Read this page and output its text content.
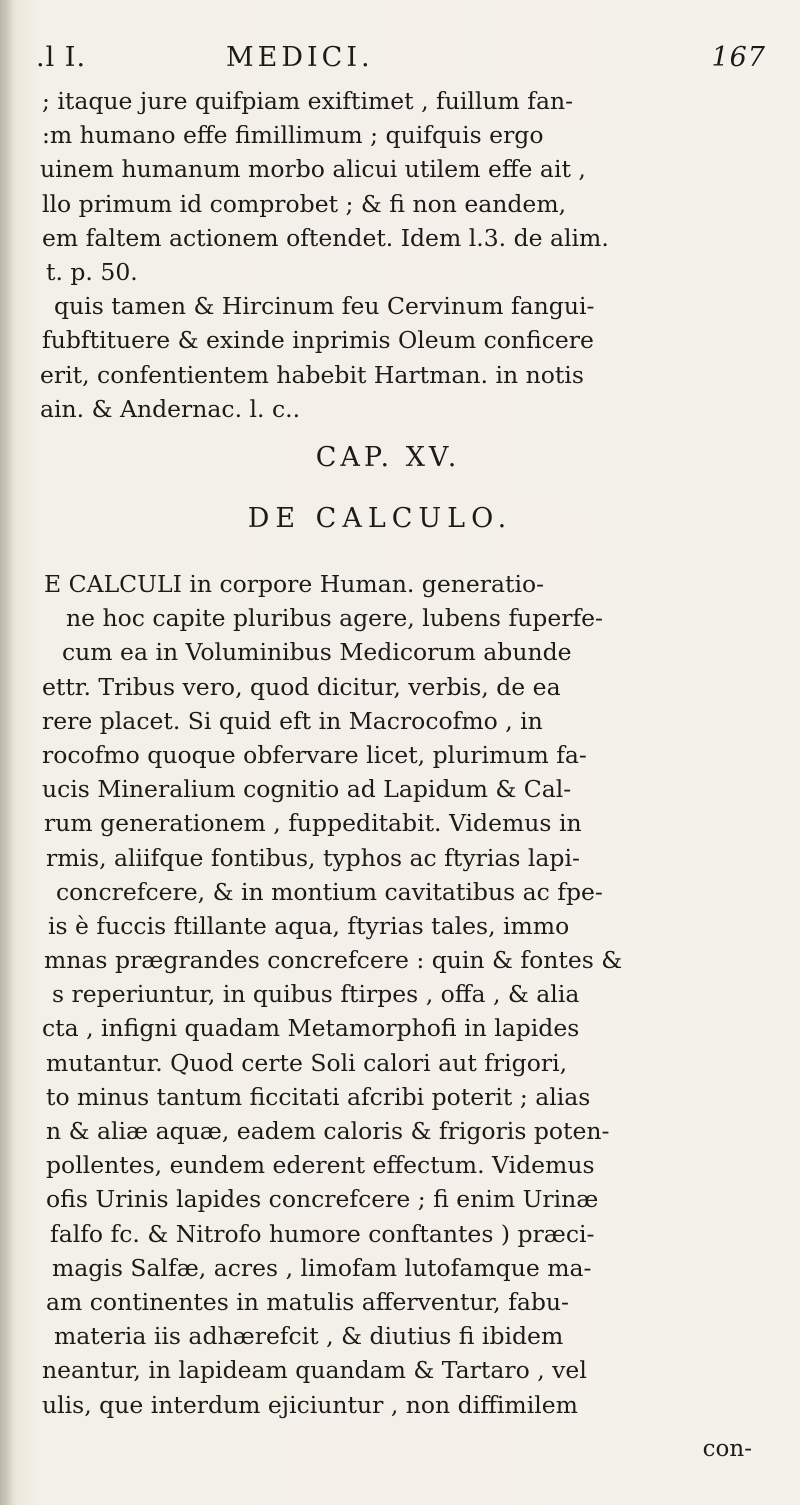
.l I.	MEDICI.	167
; itaque jure quifpiam exiftimet , fuillum fan-
:m humano effe fimillimum ; quifquis ergo
uinem humanum morbo alicui utilem effe ait ,
llo primum id comprobet ; & fi non eandem,
em faltem actionem oftendet. Idem l.3. de alim.
t. p. 50.
quis tamen & Hircinum feu Cervinum fangui-
fubftituere & exinde inprimis Oleum conficere
erit, confentientem habebit Hartman. in notis
ain. & Andernac. l. c..
CAP. XV.
DE CALCULO.
E CALCULI in corpore Human. generatio-
ne hoc capite pluribus agere, lubens fuperfe-
cum ea in Voluminibus Medicorum abunde
ettr. Tribus vero, quod dicitur, verbis, de ea
rere placet. Si quid eft in Macrocofmo , in
rocofmo quoque obfervare licet, plurimum fa-
ucis Mineralium cognitio ad Lapidum & Cal-
rum generationem , fuppeditabit. Videmus in
rmis, aliifque fontibus, typhos ac ftyrias lapi-
concrefcere, & in montium cavitatibus ac fpe-
is è fuccis ftillante aqua, ftyrias tales, immo
mnas prægrandes concrefcere : quin & fontes &
s reperiuntur, in quibus ftirpes , offa , & alia
cta , infigni quadam Metamorphofi in lapides
mutantur. Quod certe Soli calori aut frigori,
to minus tantum ficcitati afcribi poterit ; alias
n & aliæ aquæ, eadem caloris & frigoris poten-
pollentes, eundem ederent effectum. Videmus
ofis Urinis lapides concrefcere ; fi enim Urinæ
falfo fc. & Nitrofo humore conftantes ) præci-
magis Salfæ, acres , limofam lutofamque ma-
am continentes in matulis afferventur, fabu-
materia iis adhærefcit , & diutius fi ibidem
neantur, in lapideam quandam & Tartaro , vel
ulis, que interdum ejiciuntur , non diffimilem
con-
